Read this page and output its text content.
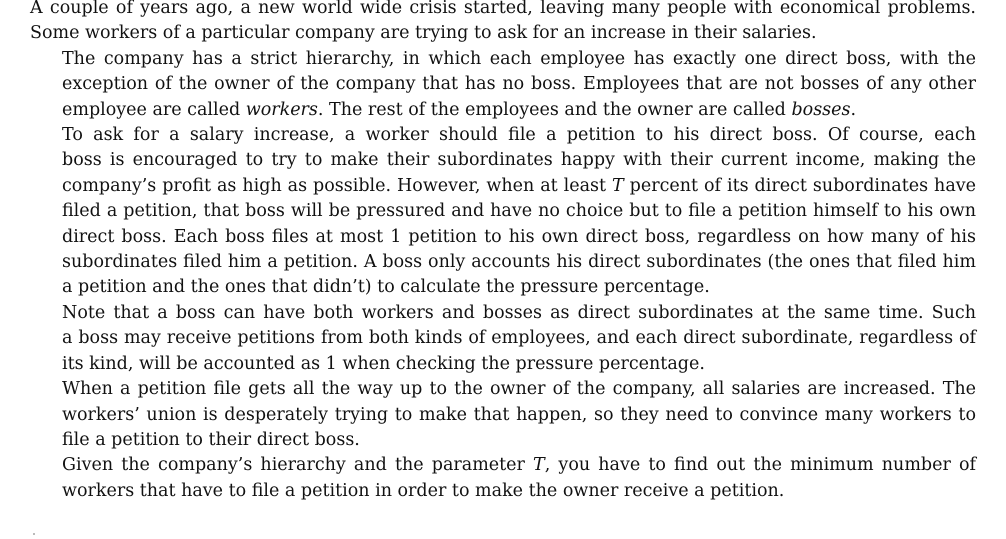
A couple of years ago, a new world wide crisis started, leaving many people with economical problems.
Some workers of a particular company are trying to ask for an increase in their salaries.

The company has a strict hierarchy, in which each employee has exactly one direct boss, with the
exception of the owner of the company that has no boss. Employees that are not bosses of any other
employee are called workers. The rest of the employees and the owner are called bosses.

To ask for a salary increase, a worker should file a petition to his direct boss. Of course, each
boss is encouraged to try to make their subordinates happy with their current income, making the
company’s profit as high as possible. However, when at least T percent of its direct subordinates have
filed a petition, that boss will be pressured and have no choice but to file a petition himself to his own
direct boss. Each boss files at most 1 petition to his own direct boss, regardless on how many of his
subordinates filed him a petition. A boss only accounts his direct subordinates (the ones that filed him
a petition and the ones that didn’t) to calculate the pressure percentage.

Note that a boss can have both workers and bosses as direct subordinates at the same time. Such
a boss may receive petitions from both kinds of employees, and each direct subordinate, regardless of
its kind, will be accounted as 1 when checking the pressure percentage.

When a petition file gets all the way up to the owner of the company, all salaries are increased. The
workers’ union is desperately trying to make that happen, so they need to convince many workers to
file a petition to their direct boss.

Given the company’s hierarchy and the parameter T, you have to find out the minimum number of
workers that have to file a petition in order to make the owner receive a petition.
